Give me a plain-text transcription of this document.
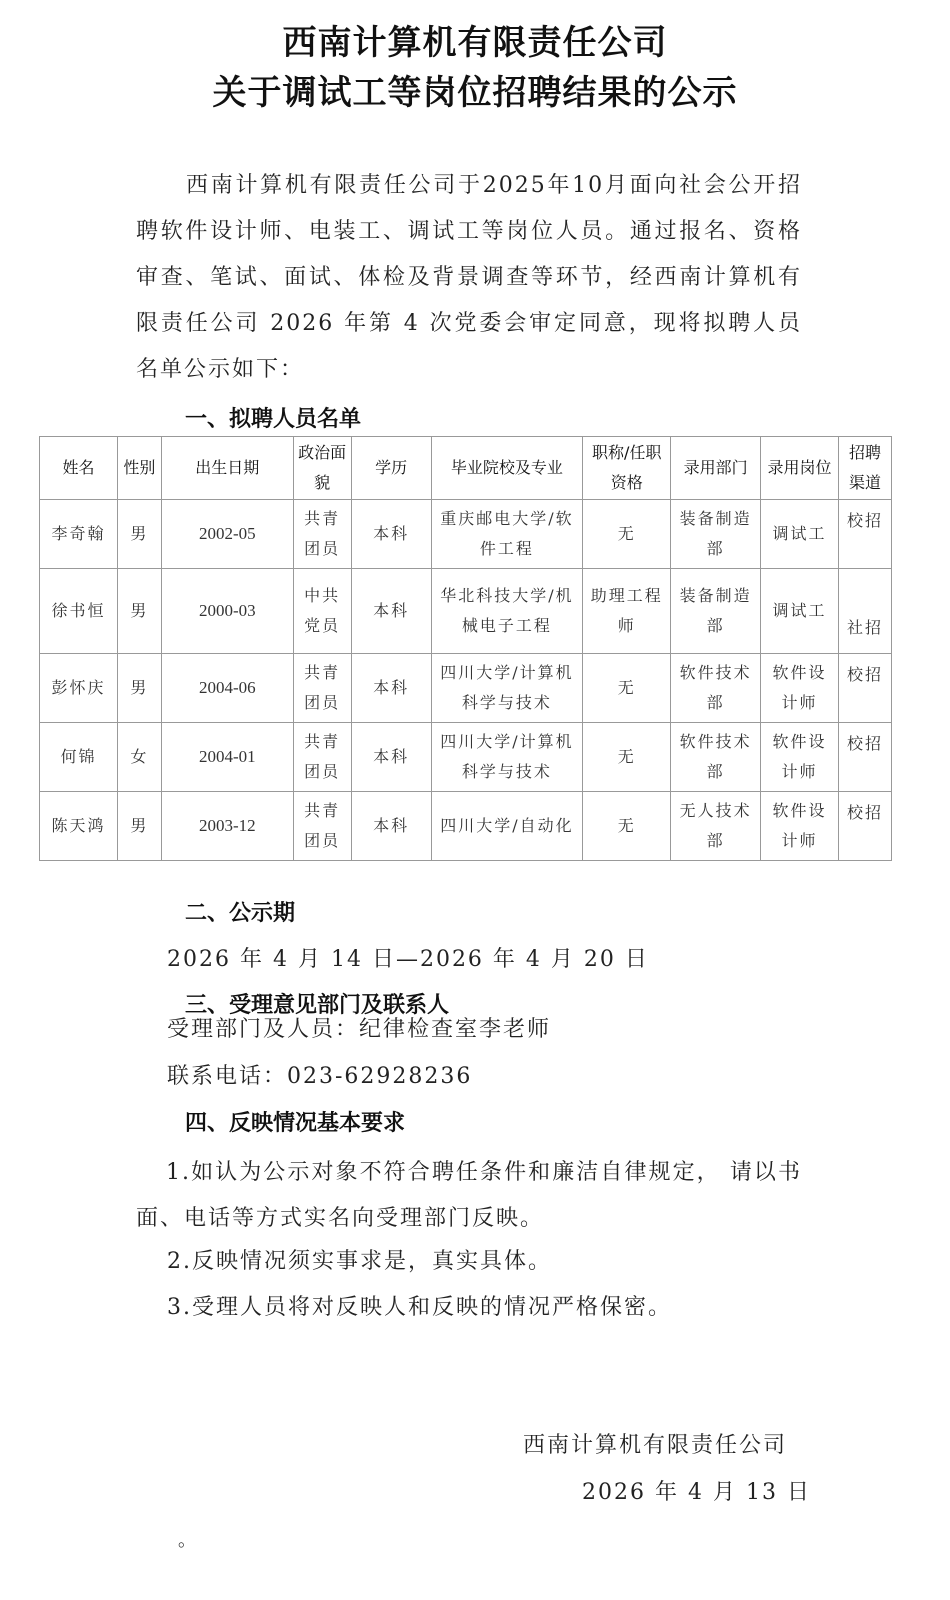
西南计算机有限责任公司
关于调试工等岗位招聘结果的公示
西南计算机有限责任公司于2025年10月面向社会公开招聘软件设计师、电装工、调试工等岗位人员。通过报名、资格审查、笔试、面试、体检及背景调查等环节，经西南计算机有限责任公司 2026 年第 4 次党委会审定同意，现将拟聘人员名单公示如下：
一、拟聘人员名单
姓名	性别	出生日期	政治面貌	学历	毕业院校及专业	职称/任职资格	录用部门	录用岗位	招聘渠道
李奇翰	男	2002-05	共青团员	本科	重庆邮电大学/软件工程	无	装备制造部	调试工	校招
徐书恒	男	2000-03	中共党员	本科	华北科技大学/机械电子工程	助理工程师	装备制造部	调试工	社招
彭怀庆	男	2004-06	共青团员	本科	四川大学/计算机科学与技术	无	软件技术部	软件设计师	校招
何锦	女	2004-01	共青团员	本科	四川大学/计算机科学与技术	无	软件技术部	软件设计师	校招
陈天鸿	男	2003-12	共青团员	本科	四川大学/自动化	无	无人技术部	软件设计师	校招
二、公示期
2026 年 4 月 14 日—2026 年 4 月 20 日
三、受理意见部门及联系人
受理部门及人员：纪律检查室李老师
联系电话：023-62928236
四、反映情况基本要求
1.如认为公示对象不符合聘任条件和廉洁自律规定， 请以书面、电话等方式实名向受理部门反映。
2.反映情况须实事求是，真实具体。
3.受理人员将对反映人和反映的情况严格保密。
西南计算机有限责任公司
2026 年 4 月 13 日
。
